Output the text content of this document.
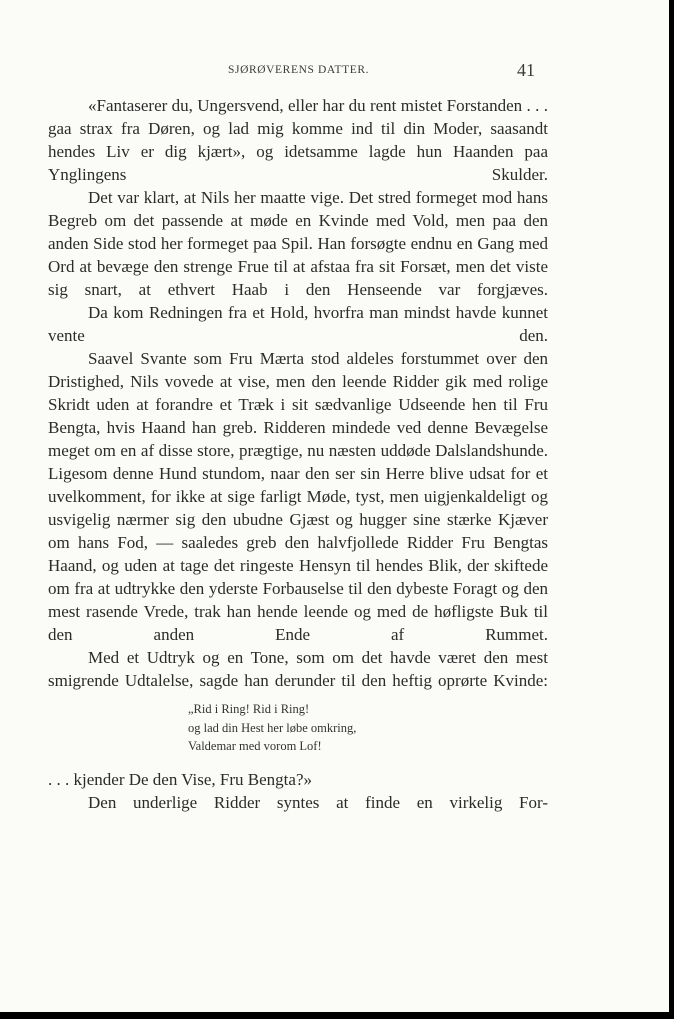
SJØRØVERENS DATTER.	41

«Fantaserer du, Ungersvend, eller har du rent mistet Forstanden . . . gaa strax fra Døren, og lad mig komme ind til din Moder, saasandt hendes Liv er dig kjært», og idetsamme lagde hun Haanden paa Ynglingens Skulder.

Det var klart, at Nils her maatte vige. Det stred formeget mod hans Begreb om det passende at møde en Kvinde med Vold, men paa den anden Side stod her formeget paa Spil. Han forsøgte endnu en Gang med Ord at bevæge den strenge Frue til at afstaa fra sit Forsæt, men det viste sig snart, at ethvert Haab i den Henseende var forgjæves.

Da kom Redningen fra et Hold, hvorfra man mindst havde kunnet vente den.

Saavel Svante som Fru Mærta stod aldeles forstummet over den Dristighed, Nils vovede at vise, men den leende Ridder gik med rolige Skridt uden at forandre et Træk i sit sædvanlige Udseende hen til Fru Bengta, hvis Haand han greb. Ridderen mindede ved denne Bevægelse meget om en af disse store, prægtige, nu næsten uddøde Dalslandshunde. Ligesom denne Hund stundom, naar den ser sin Herre blive udsat for et uvelkomment, for ikke at sige farligt Møde, tyst, men uigjenkaldeligt og usvigelig nærmer sig den ubudne Gjæst og hugger sine stærke Kjæver om hans Fod, — saaledes greb den halvfjollede Ridder Fru Bengtas Haand, og uden at tage det ringeste Hensyn til hendes Blik, der skiftede om fra at udtrykke den yderste Forbauselse til den dybeste Foragt og den mest rasende Vrede, trak han hende leende og med de høfligste Buk til den anden Ende af Rummet.

Med et Udtryk og en Tone, som om det havde været den mest smigrende Udtalelse, sagde han derunder til den heftig oprørte Kvinde:

„Rid i Ring! Rid i Ring!

og lad din Hest her løbe omkring,

Valdemar med vorom Lof!

. . . kjender De den Vise, Fru Bengta?»

Den underlige Ridder syntes at finde en virkelig For-
